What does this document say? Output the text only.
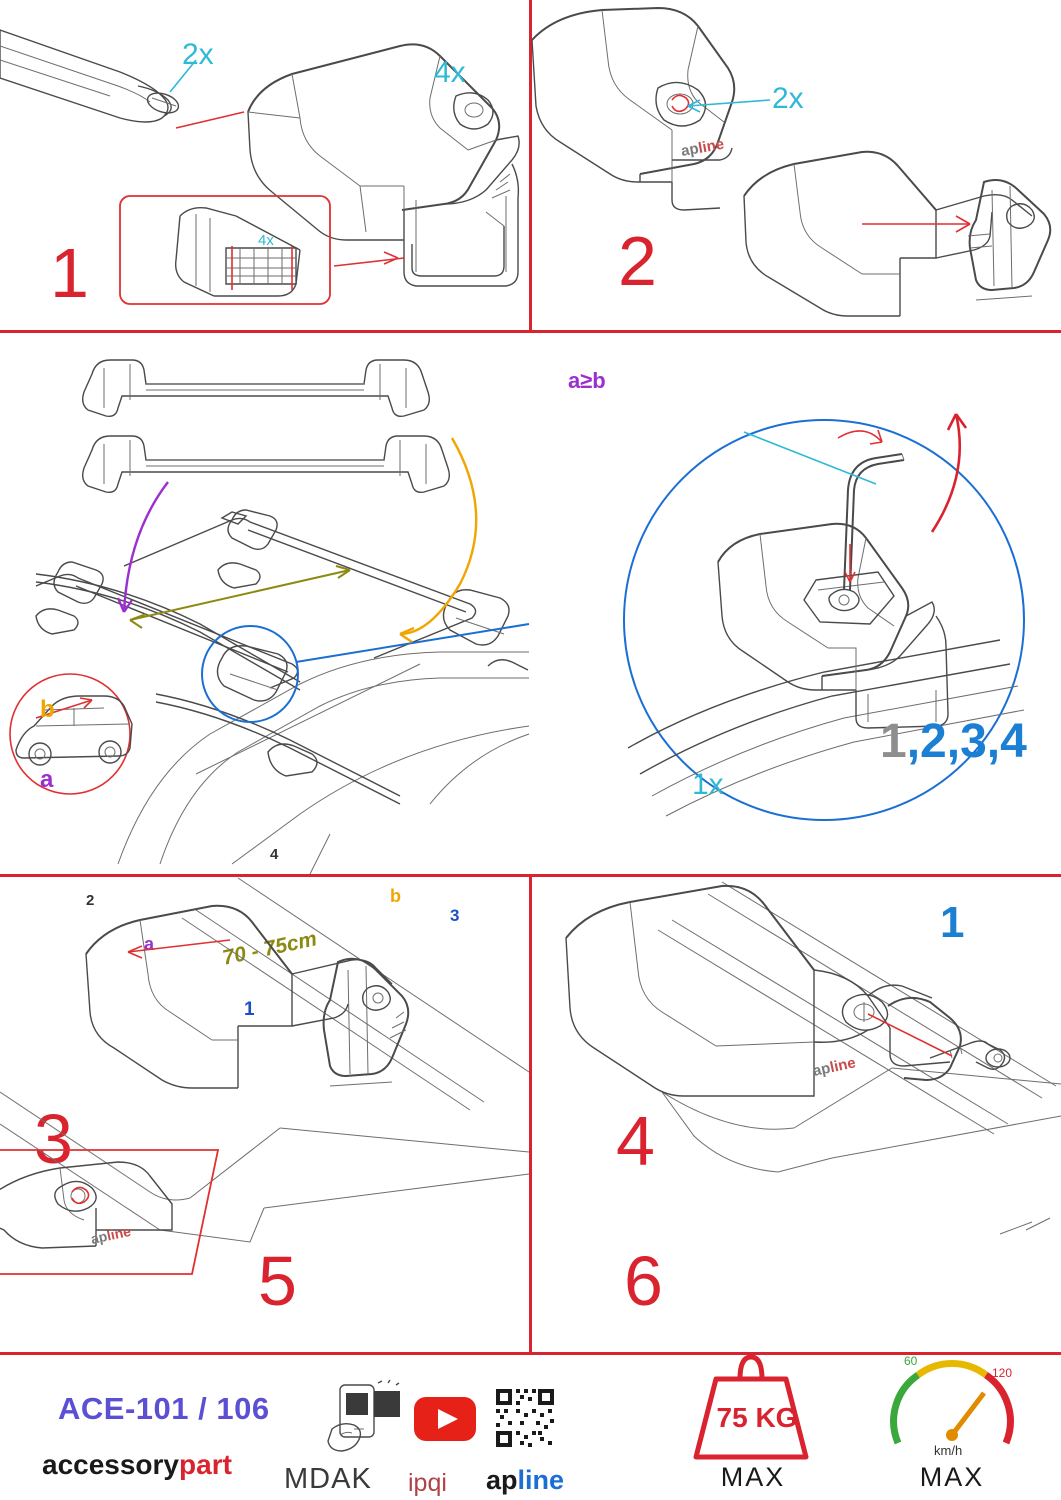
2x
4x
4x
1
apline
2x
2
b
a
70 - 75cm
1
2
3
4
a
b
3
a≥b
1x
1,2,3,4
1
4
apline
5
apline
6
ACE-101 / 106
accessorypart MDAK ipqi apline
75 KG
MAX
60
120
km/h
MAX
